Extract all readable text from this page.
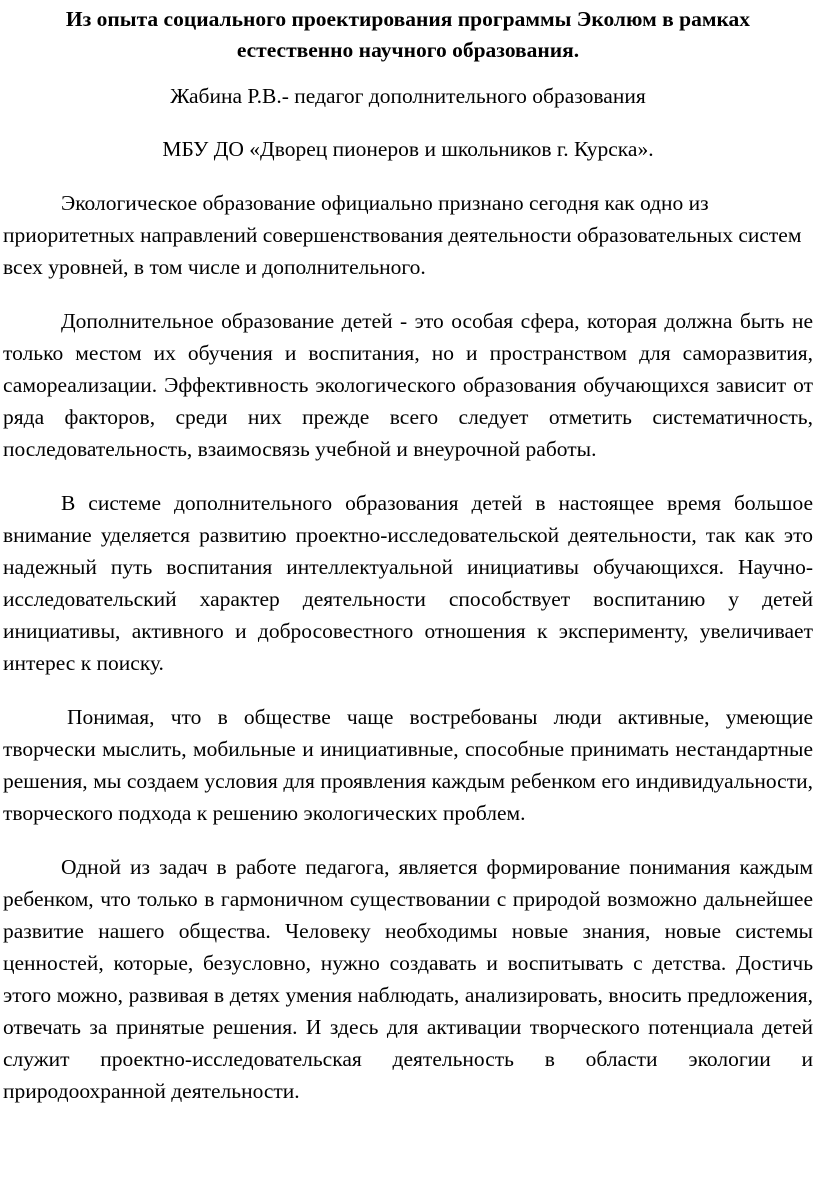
Из опыта социального проектирования программы Эколюм в рамках естественно научного образования.

Жабина Р.В.- педагог дополнительного образования

МБУ ДО «Дворец пионеров и школьников г. Курска».

Экологическое образование официально признано сегодня как одно из приоритетных направлений совершенствования деятельности образовательных систем всех уровней, в том числе и дополнительного.

Дополнительное образование детей - это особая сфера, которая должна быть не только местом их обучения и воспитания, но и пространством для саморазвития, самореализации. Эффективность экологического образования обучающихся зависит от ряда факторов, среди них прежде всего следует отметить систематичность, последовательность, взаимосвязь учебной и внеурочной работы.

В системе дополнительного образования детей в настоящее время большое внимание уделяется развитию проектно-исследовательской деятельности, так как это надежный путь воспитания интеллектуальной инициативы обучающихся. Научно-исследовательский характер деятельности способствует воспитанию у детей инициативы, активного и добросовестного отношения к эксперименту, увеличивает интерес к поиску.

Понимая, что в обществе чаще востребованы люди активные, умеющие творчески мыслить, мобильные и инициативные, способные принимать нестандартные решения, мы создаем условия для проявления каждым ребенком его индивидуальности, творческого подхода к решению экологических проблем.

Одной из задач в работе педагога, является формирование понимания каждым ребенком, что только в гармоничном существовании с природой возможно дальнейшее развитие нашего общества. Человеку необходимы новые знания, новые системы ценностей, которые, безусловно, нужно создавать и воспитывать с детства. Достичь этого можно, развивая в детях умения наблюдать, анализировать, вносить предложения, отвечать за принятые решения. И здесь для активации творческого потенциала детей служит проектно-исследовательская деятельность в области экологии и природоохранной деятельности.
